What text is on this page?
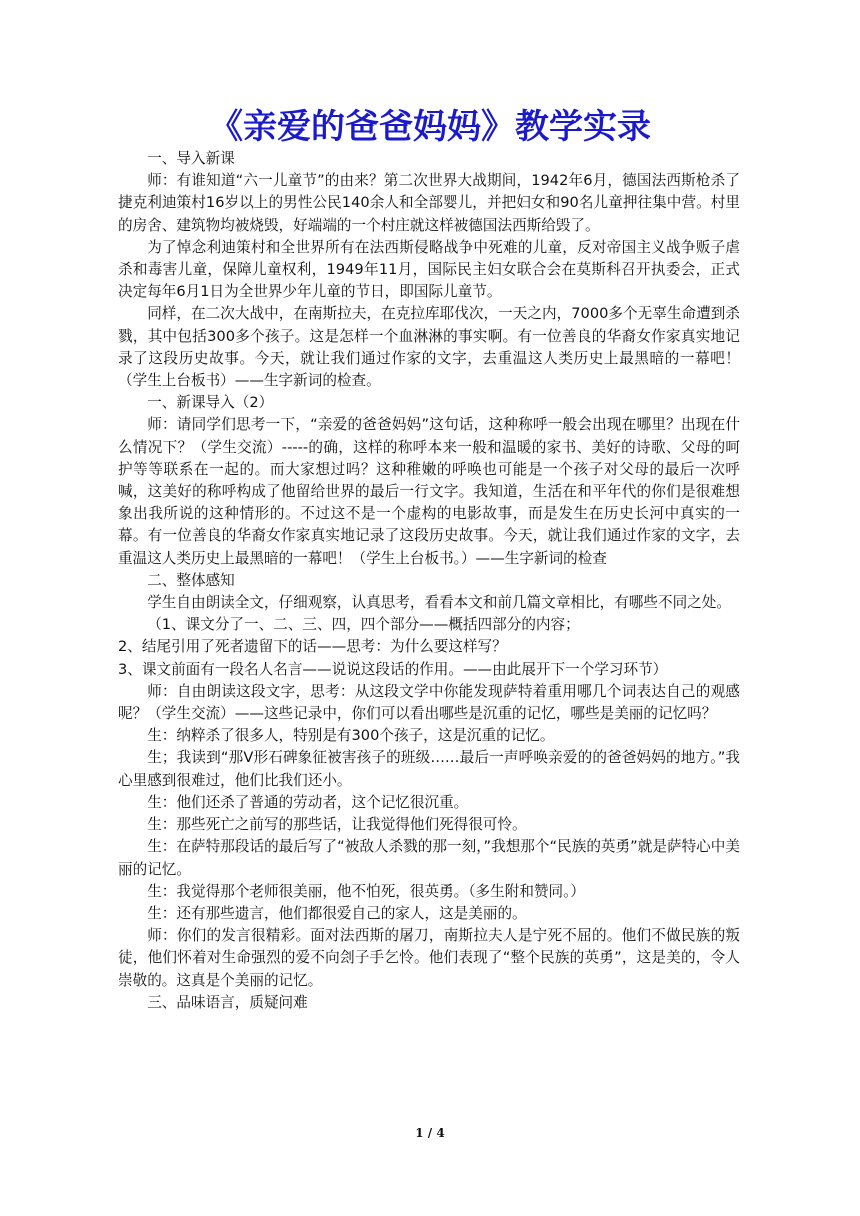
《亲爱的爸爸妈妈》教学实录

一、导入新课

师：有谁知道“六一儿童节”的由来？第二次世界大战期间，1942年6月，德国法西斯枪杀了捷克利迪策村16岁以上的男性公民140余人和全部婴儿，并把妇女和90名儿童押往集中营。村里的房舍、建筑物均被烧毁，好端端的一个村庄就这样被德国法西斯给毁了。

为了悼念利迪策村和全世界所有在法西斯侵略战争中死难的儿童，反对帝国主义战争贩子虐杀和毒害儿童，保障儿童权利，1949年11月，国际民主妇女联合会在莫斯科召开执委会，正式决定每年6月1日为全世界少年儿童的节日，即国际儿童节。

同样，在二次大战中，在南斯拉夫，在克拉库耶伐次，一天之内，7000多个无辜生命遭到杀戮，其中包括300多个孩子。这是怎样一个血淋淋的事实啊。有一位善良的华裔女作家真实地记录了这段历史故事。今天，就让我们通过作家的文字，去重温这人类历史上最黑暗的一幕吧！ （学生上台板书）——生字新词的检查。

一、新课导入（2）

师：请同学们思考一下，“亲爱的爸爸妈妈”这句话，这种称呼一般会出现在哪里？出现在什么情况下？（学生交流）-----的确，这样的称呼本来一般和温暖的家书、美好的诗歌、父母的呵护等等联系在一起的。而大家想过吗？这种稚嫩的呼唤也可能是一个孩子对父母的最后一次呼喊，这美好的称呼构成了他留给世界的最后一行文字。我知道，生活在和平年代的你们是很难想象出我所说的这种情形的。不过这不是一个虚构的电影故事，而是发生在历史长河中真实的一幕。有一位善良的华裔女作家真实地记录了这段历史故事。今天，就让我们通过作家的文字，去重温这人类历史上最黑暗的一幕吧！（学生上台板书。）——生字新词的检查

二、整体感知

学生自由朗读全文，仔细观察，认真思考，看看本文和前几篇文章相比，有哪些不同之处。

（1、课文分了一、二、三、四，四个部分——概括四部分的内容；

2、结尾引用了死者遗留下的话——思考：为什么要这样写？

3、课文前面有一段名人名言——说说这段话的作用。——由此展开下一个学习环节）

师：自由朗读这段文字，思考：从这段文学中你能发现萨特着重用哪几个词表达自己的观感呢？（学生交流）——这些记录中，你们可以看出哪些是沉重的记忆，哪些是美丽的记忆吗？

生：纳粹杀了很多人，特别是有300个孩子，这是沉重的记忆。

生；我读到“那V形石碑象征被害孩子的班级……最后一声呼唤亲爱的的爸爸妈妈的地方。”我心里感到很难过，他们比我们还小。

生：他们还杀了普通的劳动者，这个记忆很沉重。

生：那些死亡之前写的那些话，让我觉得他们死得很可怜。

生：在萨特那段话的最后写了“被敌人杀戮的那一刻，”我想那个“民族的英勇”就是萨特心中美丽的记忆。

生：我觉得那个老师很美丽，他不怕死，很英勇。（多生附和赞同。）

生：还有那些遗言，他们都很爱自己的家人，这是美丽的。

师：你们的发言很精彩。面对法西斯的屠刀，南斯拉夫人是宁死不屈的。他们不做民族的叛徒，他们怀着对生命强烈的爱不向刽子手乞怜。他们表现了“整个民族的英勇”，这是美的，令人崇敬的。这真是个美丽的记忆。

三、品味语言，质疑问难

1 / 4
